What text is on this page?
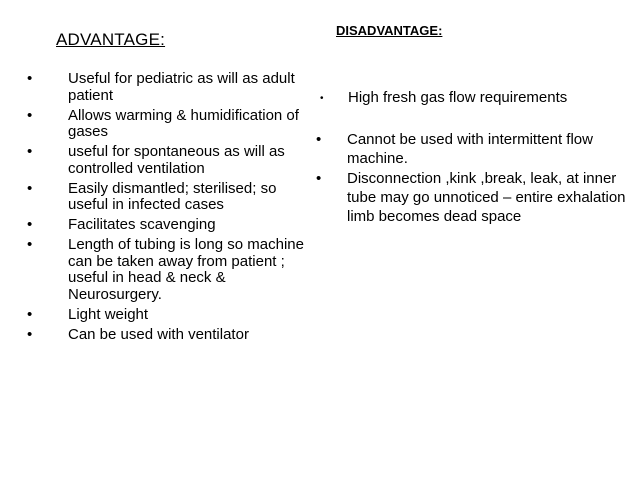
ADVANTAGE:	DISADVANTAGE:
• Useful for pediatric as will as adult patient
• Allows warming & humidification of gases
• useful for spontaneous as will as controlled ventilation
• Easily dismantled; sterilised; so useful in infected cases
• Facilitates scavenging
• Length of tubing is long so machine can be taken away from patient ; useful in head & neck & Neurosurgery.
• Light weight
• Can be used with ventilator
• High fresh gas flow requirements
• Cannot be used with intermittent flow machine.
• Disconnection ,kink ,break, leak, at inner tube may go unnoticed – entire exhalation limb becomes dead space
